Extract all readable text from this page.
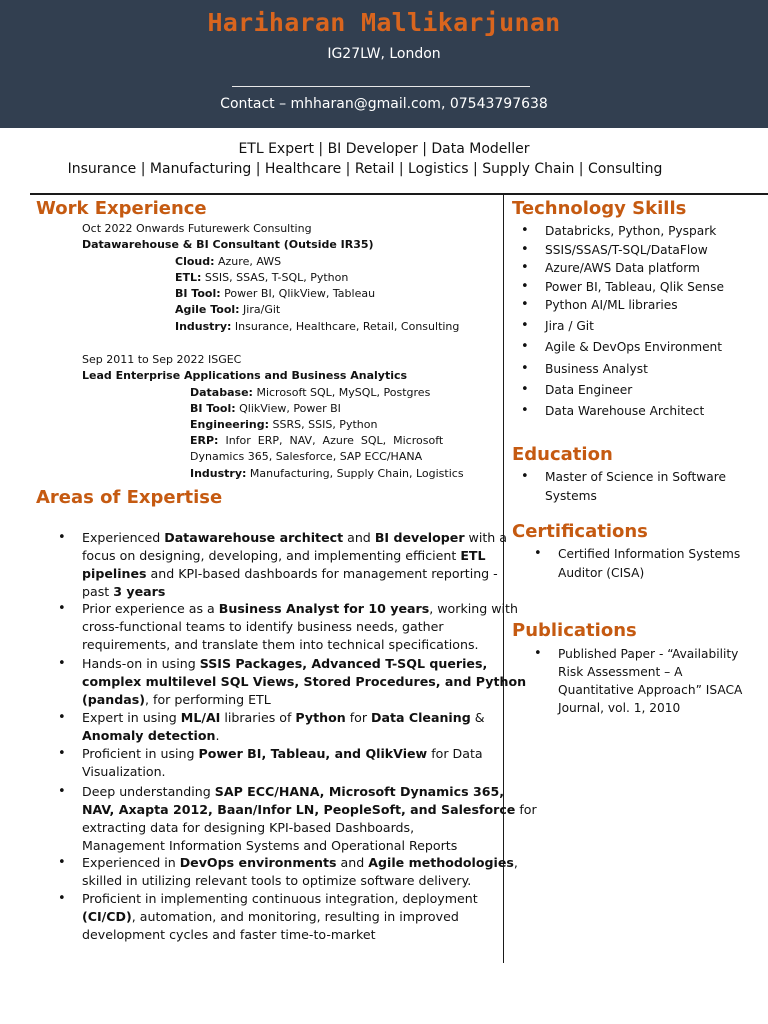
Hariharan Mallikarjunan
IG27LW, London
Contact – mhharan@gmail.com, 07543797638
ETL Expert | BI Developer | Data Modeller
Insurance | Manufacturing | Healthcare | Retail | Logistics | Supply Chain | Consulting
Work Experience
Oct 2022 Onwards Futurewerk Consulting
Datawarehouse & BI Consultant (Outside IR35)
Cloud: Azure, AWS
ETL: SSIS, SSAS, T-SQL, Python
BI Tool: Power BI, QlikView, Tableau
Agile Tool: Jira/Git
Industry: Insurance, Healthcare, Retail, Consulting
Sep 2011 to Sep 2022 ISGEC
Lead Enterprise Applications and Business Analytics
Database: Microsoft SQL, MySQL, Postgres
BI Tool: QlikView, Power BI
Engineering: SSRS, SSIS, Python
ERP:  Infor  ERP,  NAV,  Azure  SQL,  Microsoft
Dynamics 365, Salesforce, SAP ECC/HANA
Industry: Manufacturing, Supply Chain, Logistics
Areas of Expertise
• Experienced Datawarehouse architect and BI developer with a
focus on designing, developing, and implementing efficient ETL
pipelines and KPI-based dashboards for management reporting -
past 3 years
• Prior experience as a Business Analyst for 10 years, working with
cross-functional teams to identify business needs, gather
requirements, and translate them into technical specifications.
• Hands-on in using SSIS Packages, Advanced T-SQL queries,
complex multilevel SQL Views, Stored Procedures, and Python
(pandas), for performing ETL
• Expert in using ML/AI libraries of Python for Data Cleaning &
Anomaly detection.
• Proficient in using Power BI, Tableau, and QlikView for Data
Visualization.
• Deep understanding SAP ECC/HANA, Microsoft Dynamics 365,
NAV, Axapta 2012, Baan/Infor LN, PeopleSoft, and Salesforce for
extracting data for designing KPI-based Dashboards,
Management Information Systems and Operational Reports
• Experienced in DevOps environments and Agile methodologies,
skilled in utilizing relevant tools to optimize software delivery.
• Proficient in implementing continuous integration, deployment
(CI/CD), automation, and monitoring, resulting in improved
development cycles and faster time-to-market
Technology Skills
• Databricks, Python, Pyspark
• SSIS/SSAS/T-SQL/DataFlow
• Azure/AWS Data platform
• Power BI, Tableau, Qlik Sense
• Python AI/ML libraries
• Jira / Git
• Agile & DevOps Environment
• Business Analyst
• Data Engineer
• Data Warehouse Architect
Education
• Master of Science in Software
Systems
Certifications
• Certified Information Systems
Auditor (CISA)
Publications
• Published Paper - “Availability
Risk Assessment – A
Quantitative Approach” ISACA
Journal, vol. 1, 2010
